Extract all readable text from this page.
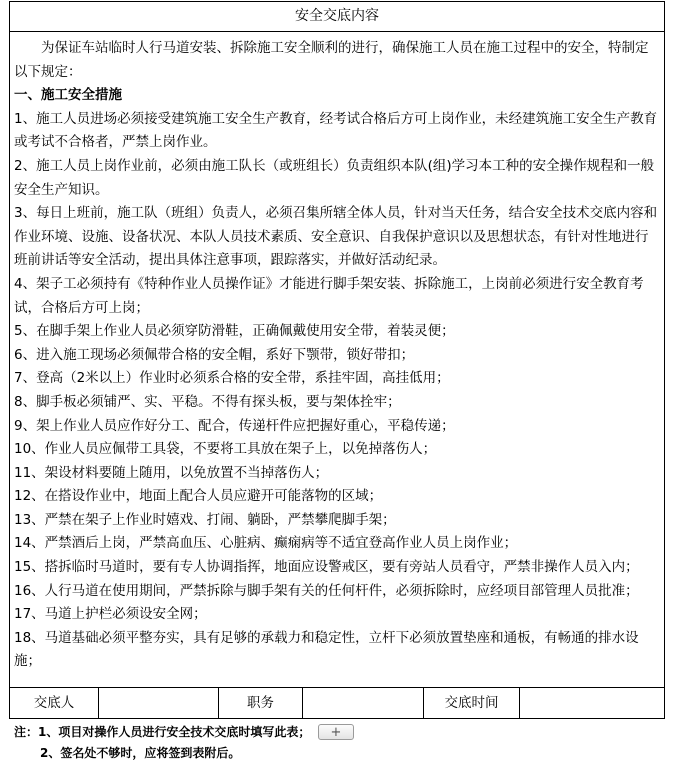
安全交底内容

为保证车站临时人行马道安装、拆除施工安全顺利的进行，确保施工人员在施工过程中的安全，特制定以下规定：

一、施工安全措施

1、施工人员进场必须接受建筑施工安全生产教育，经考试合格后方可上岗作业，未经建筑施工安全生产教育或考试不合格者，严禁上岗作业。

2、施工人员上岗作业前，必须由施工队长（或班组长）负责组织本队(组)学习本工种的安全操作规程和一般安全生产知识。

3、每日上班前，施工队（班组）负责人，必须召集所辖全体人员，针对当天任务，结合安全技术交底内容和作业环境、设施、设备状况、本队人员技术素质、安全意识、自我保护意识以及思想状态，有针对性地进行班前讲话等安全活动，提出具体注意事项，跟踪落实，并做好活动纪录。

4、架子工必须持有《特种作业人员操作证》才能进行脚手架安装、拆除施工，上岗前必须进行安全教育考试，合格后方可上岗；

5、在脚手架上作业人员必须穿防滑鞋，正确佩戴使用安全带，着装灵便；

6、进入施工现场必须佩带合格的安全帽，系好下颚带，锁好带扣；

7、登高（2米以上）作业时必须系合格的安全带，系挂牢固，高挂低用；

8、脚手板必须铺严、实、平稳。不得有探头板，要与架体拴牢；

9、架上作业人员应作好分工、配合，传递杆件应把握好重心，平稳传递；

10、作业人员应佩带工具袋，不要将工具放在架子上，以免掉落伤人；

11、架设材料要随上随用，以免放置不当掉落伤人；

12、在搭设作业中，地面上配合人员应避开可能落物的区域；

13、严禁在架子上作业时嬉戏、打闹、躺卧，严禁攀爬脚手架；

14、严禁酒后上岗，严禁高血压、心脏病、癫痫病等不适宜登高作业人员上岗作业；

15、搭拆临时马道时，要有专人协调指挥，地面应设警戒区，要有旁站人员看守，严禁非操作人员入内；

16、人行马道在使用期间，严禁拆除与脚手架有关的任何杆件，必须拆除时，应经项目部管理人员批准；

17、马道上护栏必须设安全网；

18、马道基础必须平整夯实，具有足够的承载力和稳定性，立杆下必须放置垫座和通板，有畅通的排水设施；

交底人	职务	交底时间
注：1、项目对操作人员进行安全技术交底时填写此表；
2、签名处不够时，应将签到表附后。
+
